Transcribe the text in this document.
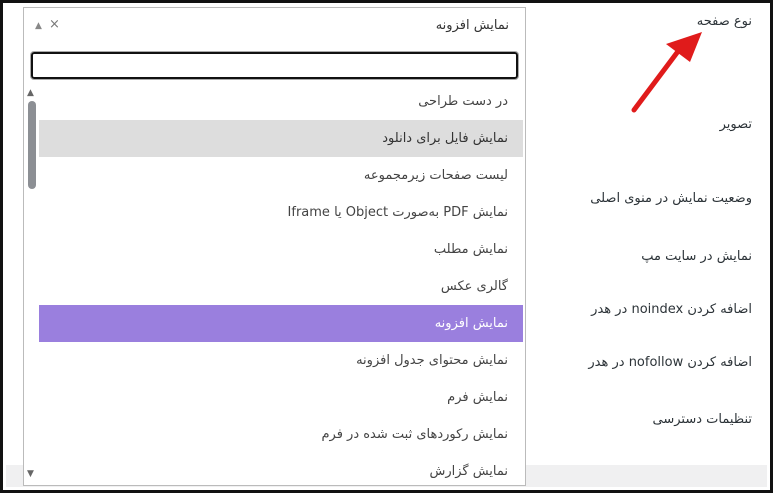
نوع صفحه
تصویر
وضعیت نمایش در منوی اصلی
نمایش در سایت مپ
اضافه کردن noindex در هدر
اضافه کردن nofollow در هدر
تنظیمات دسترسی
نمایش افزونه
×
▲
▲
▼
در دست طراحی
نمایش فایل برای دانلود
لیست صفحات زیرمجموعه
نمایش PDF به‌صورت Object یا Iframe
نمایش مطلب
گالری عکس
نمایش افزونه
نمایش محتوای جدول افزونه
نمایش فرم
نمایش رکوردهای ثبت شده در فرم
نمایش گزارش
